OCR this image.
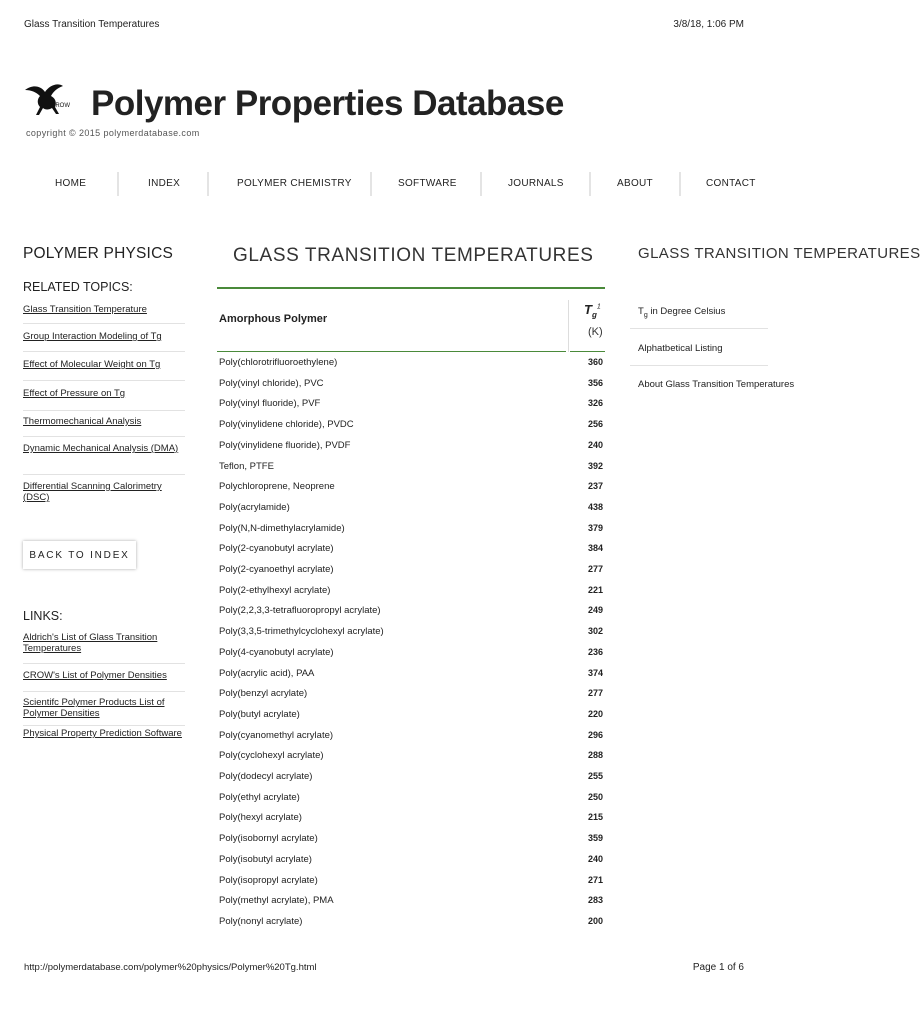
Glass Transition Temperatures	3/8/18, 1:06 PM
http://polymerdatabase.com/polymer%20physics/Polymer%20Tg.html	Page 1 of 6
CROW Polymer Properties Database
copyright © 2015 polymerdatabase.com
HOME	INDEX	POLYMER CHEMISTRY	SOFTWARE	JOURNALS	ABOUT	CONTACT
POLYMER PHYSICS
RELATED TOPICS:
Glass Transition Temperature
Group Interaction Modeling of Tg
Effect of Molecular Weight on Tg
Effect of Pressure on Tg
Thermomechanical Analysis
Dynamic Mechanical Analysis (DMA)
Differential Scanning Calorimetry (DSC)
BACK TO INDEX
LINKS:
Aldrich's List of Glass Transition Temperatures
CROW's List of Polymer Densities
Scientifc Polymer Products List of Polymer Densities
Physical Property Prediction Software
GLASS TRANSITION TEMPERATURES
Amorphous Polymer
$T_g^1$
(K)
Poly(chlorotrifluoroethylene)	360
Poly(vinyl chloride), PVC	356
Poly(vinyl fluoride), PVF	326
Poly(vinylidene chloride), PVDC	256
Poly(vinylidene fluoride), PVDF	240
Teflon, PTFE	392
Polychloroprene, Neoprene	237
Poly(acrylamide)	438
Poly(N,N-dimethylacrylamide)	379
Poly(2-cyanobutyl acrylate)	384
Poly(2-cyanoethyl acrylate)	277
Poly(2-ethylhexyl acrylate)	221
Poly(2,2,3,3-tetrafluoropropyl acrylate)	249
Poly(3,3,5-trimethylcyclohexyl acrylate)	302
Poly(4-cyanobutyl acrylate)	236
Poly(acrylic acid), PAA	374
Poly(benzyl acrylate)	277
Poly(butyl acrylate)	220
Poly(cyanomethyl acrylate)	296
Poly(cyclohexyl acrylate)	288
Poly(dodecyl acrylate)	255
Poly(ethyl acrylate)	250
Poly(hexyl acrylate)	215
Poly(isobornyl acrylate)	359
Poly(isobutyl acrylate)	240
Poly(isopropyl acrylate)	271
Poly(methyl acrylate), PMA	283
Poly(nonyl acrylate)	200
GLASS TRANSITION TEMPERATURES
$T_g$ in Degree Celsius
Alphatbetical Listing
About Glass Transition Temperatures
